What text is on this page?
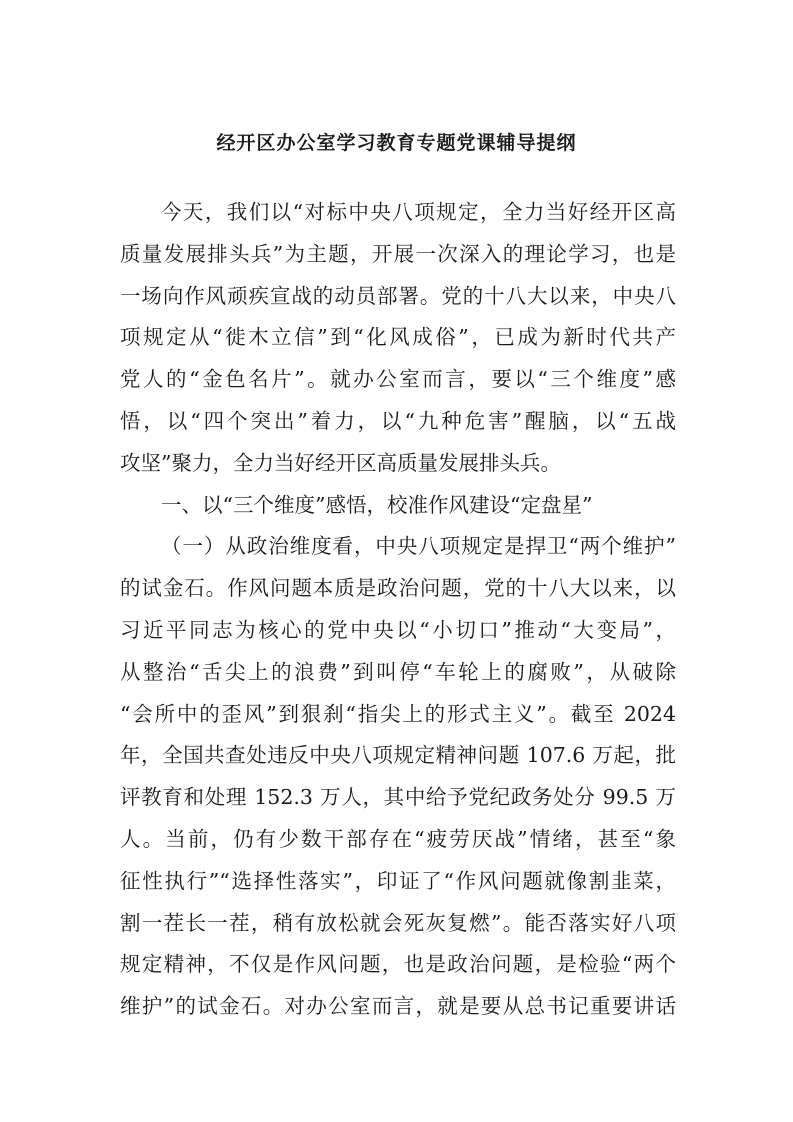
经开区办公室学习教育专题党课辅导提纲
今天，我们以“对标中央八项规定，全力当好经开区高
质量发展排头兵”为主题，开展一次深入的理论学习，也是
一场向作风顽疾宣战的动员部署。党的十八大以来，中央八
项规定从“徙木立信”到“化风成俗”，已成为新时代共产
党人的“金色名片”。就办公室而言，要以“三个维度”感
悟，以“四个突出”着力，以“九种危害”醒脑，以“五战
攻坚”聚力，全力当好经开区高质量发展排头兵。
一、以“三个维度”感悟，校准作风建设“定盘星”
（一）从政治维度看，中央八项规定是捍卫“两个维护”
的试金石。作风问题本质是政治问题，党的十八大以来，以
习近平同志为核心的党中央以“小切口”推动“大变局”，
从整治“舌尖上的浪费”到叫停“车轮上的腐败”，从破除
“会所中的歪风”到狠刹“指尖上的形式主义”。截至 2024
年，全国共查处违反中央八项规定精神问题 107.6 万起，批
评教育和处理 152.3 万人，其中给予党纪政务处分 99.5 万
人。当前，仍有少数干部存在“疲劳厌战”情绪，甚至“象
征性执行”“选择性落实”，印证了“作风问题就像割韭菜，
割一茬长一茬，稍有放松就会死灰复燃”。能否落实好八项
规定精神，不仅是作风问题，也是政治问题，是检验“两个
维护”的试金石。对办公室而言，就是要从总书记重要讲话
